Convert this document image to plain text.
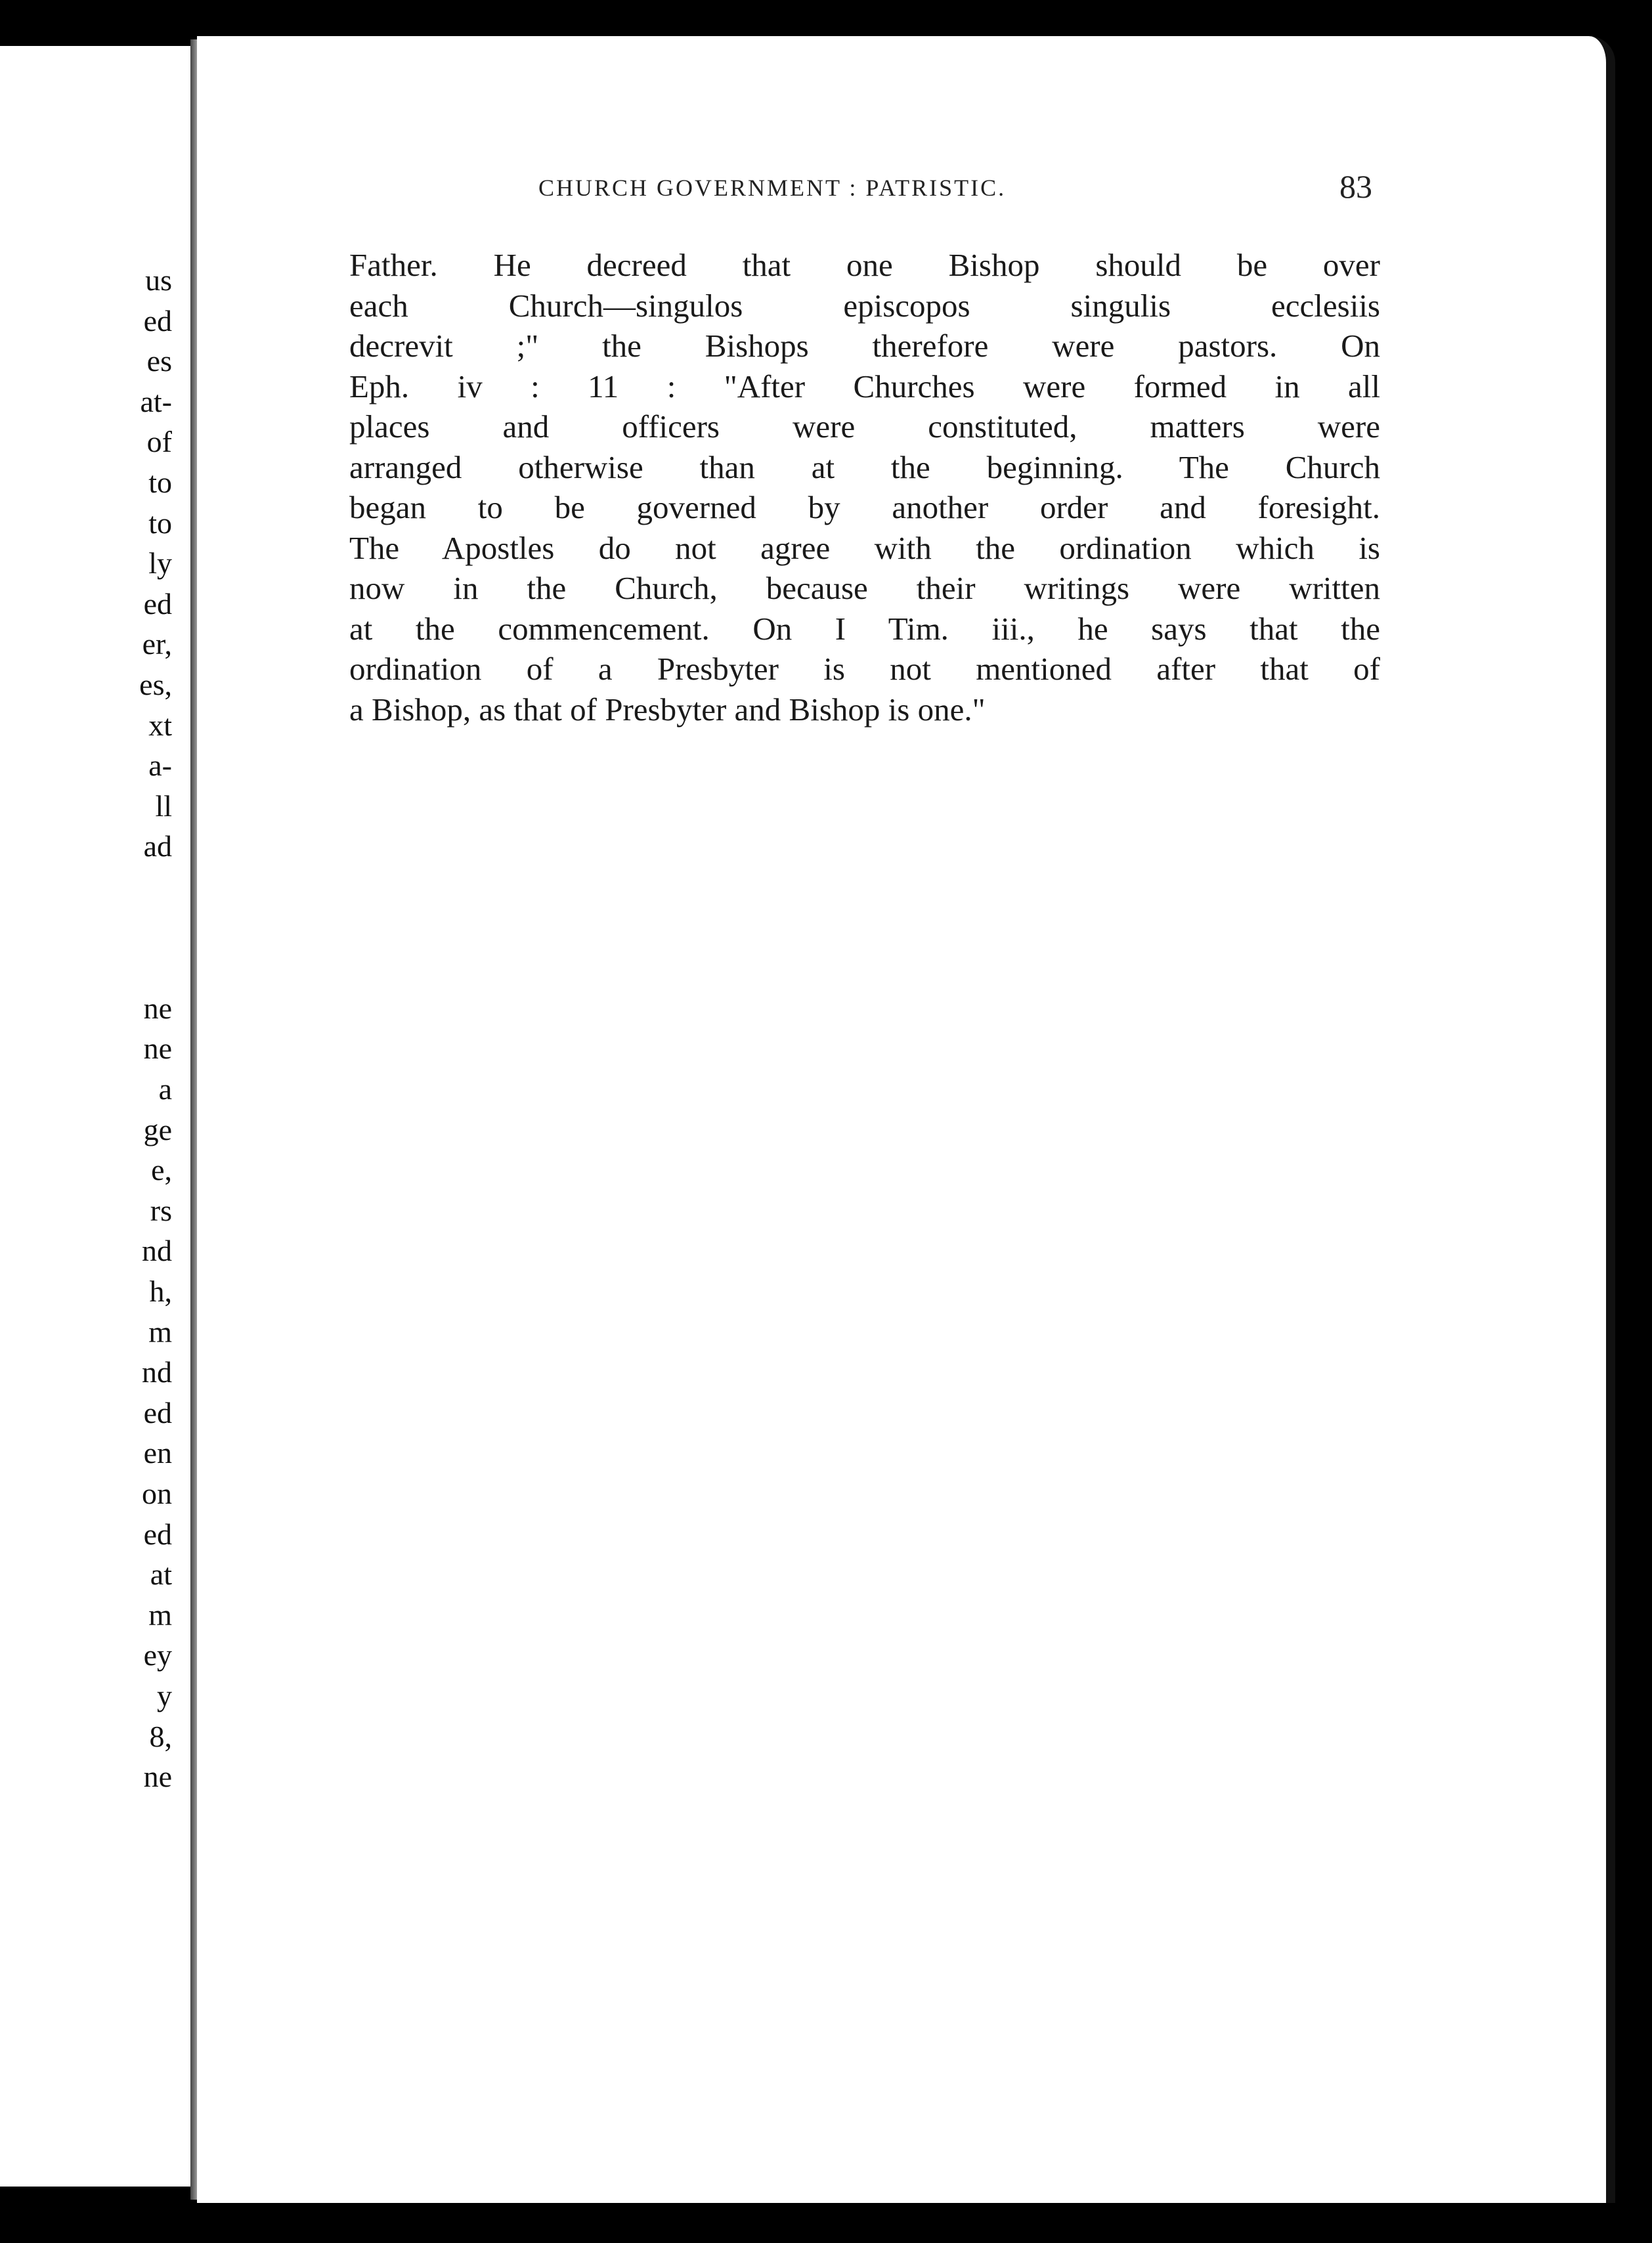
us
ed
es
at-
of
to
to
ly
ed
er,
es,
xt
a-
ll
ad
ne
ne
a
ge
e,
rs
nd
h,
m
nd
ed
en
on
ed
at
m
ey
y
8,
ne
CHURCH GOVERNMENT : PATRISTIC.	83
Father. He decreed that one Bishop should be over
each Church—singulos episcopos singulis ecclesiis
decrevit ;" the Bishops therefore were pastors. On
Eph. iv : 11 : "After Churches were formed in all
places and officers were constituted, matters were
arranged otherwise than at the beginning. The Church
began to be governed by another order and foresight.
The Apostles do not agree with the ordination which is
now in the Church, because their writings were written
at the commencement. On I Tim. iii., he says that the
ordination of a Presbyter is not mentioned after that of
a Bishop, as that of Presbyter and Bishop is one."
